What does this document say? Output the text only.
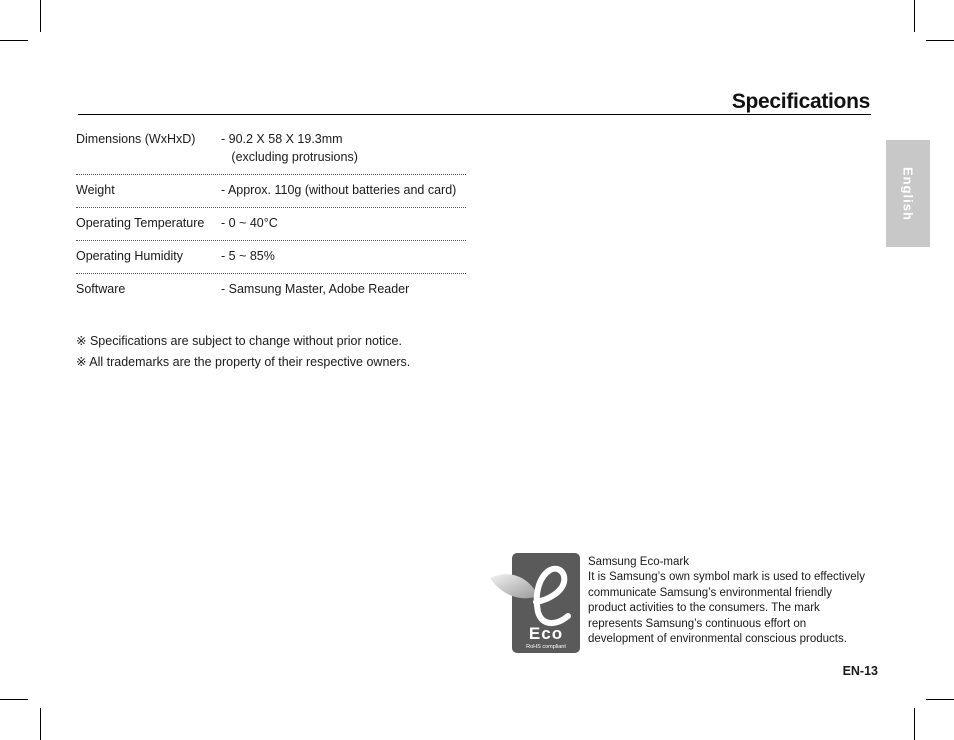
Specifications
English
Dimensions (WxHxD)	- 90.2 X 58 X 19.3mm
(excluding protrusions)
Weight	- Approx. 110g (without batteries and card)
Operating Temperature	- 0 ~ 40°C
Operating Humidity	- 5 ~ 85%
Software	- Samsung Master, Adobe Reader
※ Specifications are subject to change without prior notice.
※ All trademarks are the property of their respective owners.
Eco
RoHS compliant
Samsung Eco-mark
It is Samsung’s own symbol mark is used to effectively communicate Samsung’s environmental friendly product activities to the consumers. The mark represents Samsung’s continuous effort on development of environmental conscious products.
EN-13
